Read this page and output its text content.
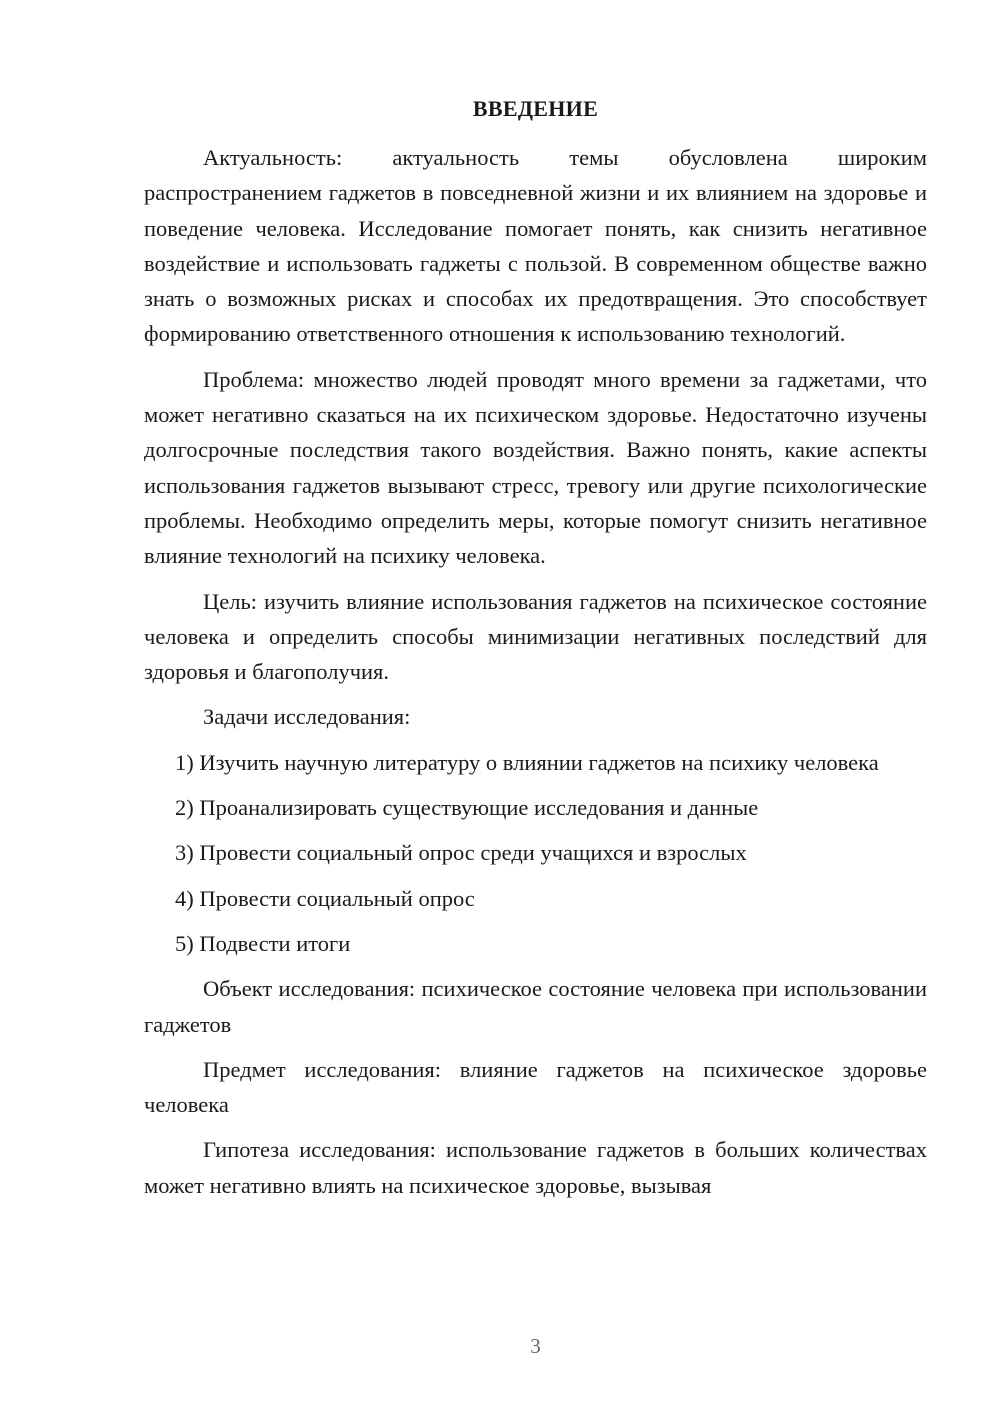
ВВЕДЕНИЕ

Актуальность: актуальность темы обусловлена широким распространением гаджетов в повседневной жизни и их влиянием на здоровье и поведение человека. Исследование помогает понять, как снизить негативное воздействие и использовать гаджеты с пользой. В современном обществе важно знать о возможных рисках и способах их предотвращения. Это способствует формированию ответственного отношения к использованию технологий.

Проблема: множество людей проводят много времени за гаджетами, что может негативно сказаться на их психическом здоровье. Недостаточно изучены долгосрочные последствия такого воздействия. Важно понять, какие аспекты использования гаджетов вызывают стресс, тревогу или другие психологические проблемы. Необходимо определить меры, которые помогут снизить негативное влияние технологий на психику человека.

Цель: изучить влияние использования гаджетов на психическое состояние человека и определить способы минимизации негативных последствий для здоровья и благополучия.

Задачи исследования:

1) Изучить научную литературу о влиянии гаджетов на психику человека

2) Проанализировать существующие исследования и данные

3) Провести социальный опрос среди учащихся и взрослых

4) Провести социальный опрос

5) Подвести итоги

Объект исследования: психическое состояние человека при использовании гаджетов

Предмет исследования: влияние гаджетов на психическое здоровье человека

Гипотеза исследования: использование гаджетов в больших количествах может негативно влиять на психическое здоровье, вызывая

3
